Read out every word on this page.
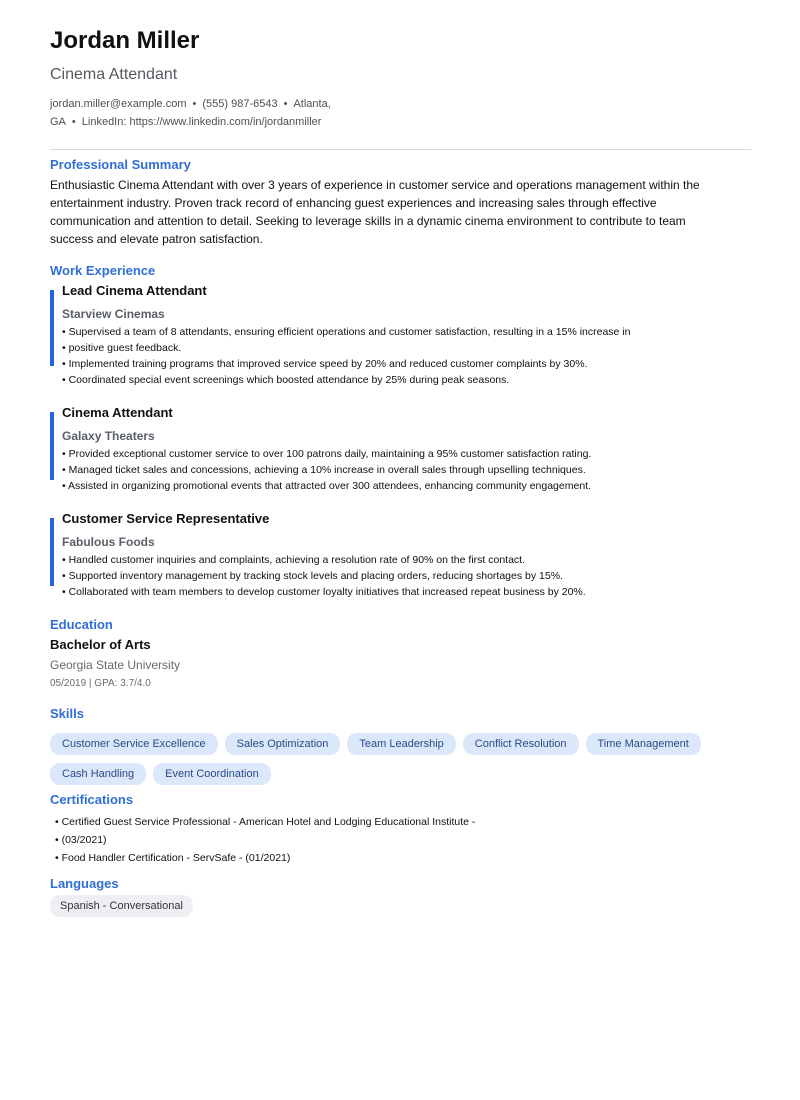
Jordan Miller
Cinema Attendant
jordan.miller@example.com • (555) 987-6543 • Atlanta, GA • LinkedIn: https://www.linkedin.com/in/jordanmiller
Professional Summary
Enthusiastic Cinema Attendant with over 3 years of experience in customer service and operations management within the entertainment industry. Proven track record of enhancing guest experiences and increasing sales through effective communication and attention to detail. Seeking to leverage skills in a dynamic cinema environment to contribute to team success and elevate patron satisfaction.
Work Experience
Lead Cinema Attendant
Starview Cinemas
• Supervised a team of 8 attendants, ensuring efficient operations and customer satisfaction, resulting in a 15% increase in
• positive guest feedback.
• Implemented training programs that improved service speed by 20% and reduced customer complaints by 30%.
• Coordinated special event screenings which boosted attendance by 25% during peak seasons.
Cinema Attendant
Galaxy Theaters
• Provided exceptional customer service to over 100 patrons daily, maintaining a 95% customer satisfaction rating.
• Managed ticket sales and concessions, achieving a 10% increase in overall sales through upselling techniques.
• Assisted in organizing promotional events that attracted over 300 attendees, enhancing community engagement.
Customer Service Representative
Fabulous Foods
• Handled customer inquiries and complaints, achieving a resolution rate of 90% on the first contact.
• Supported inventory management by tracking stock levels and placing orders, reducing shortages by 15%.
• Collaborated with team members to develop customer loyalty initiatives that increased repeat business by 20%.
Education
Bachelor of Arts
Georgia State University
05/2019 | GPA: 3.7/4.0
Skills
Customer Service Excellence	Sales Optimization	Team Leadership	Conflict Resolution	Time Management
Cash Handling	Event Coordination
Certifications
• Certified Guest Service Professional - American Hotel and Lodging Educational Institute -
• (03/2021)
• Food Handler Certification - ServSafe - (01/2021)
Languages
Spanish - Conversational
